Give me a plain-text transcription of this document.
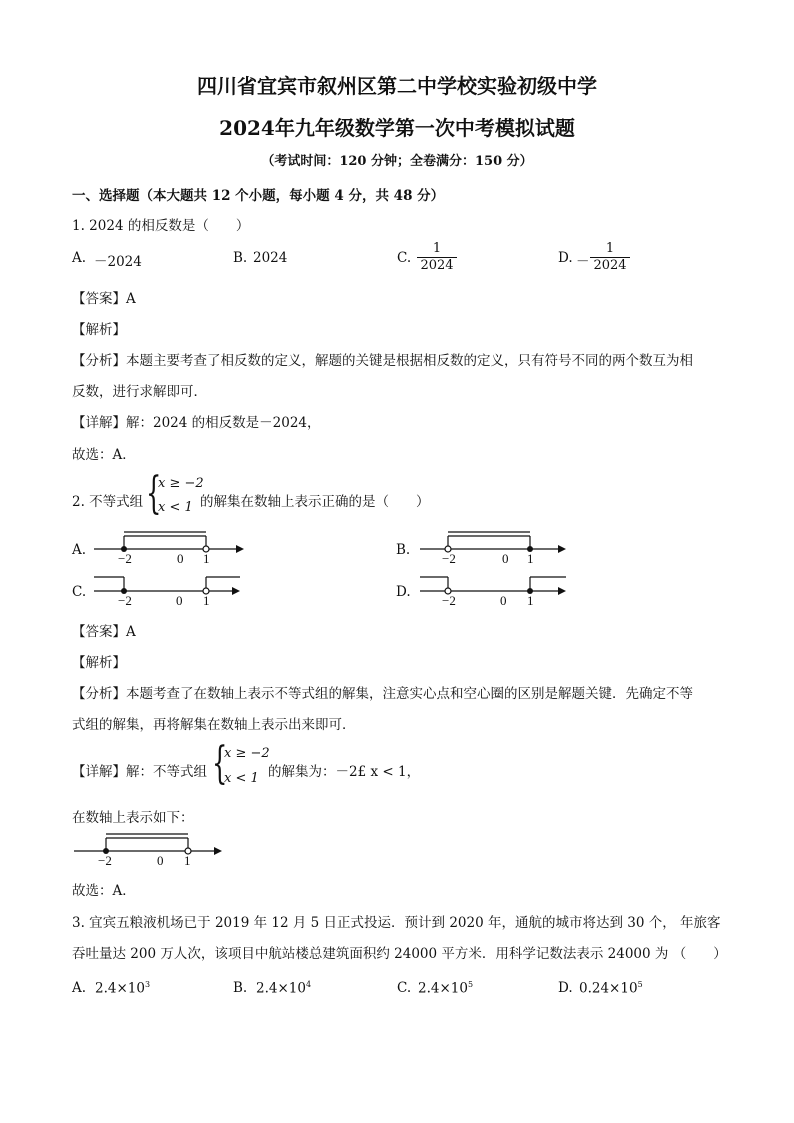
四川省宜宾市叙州区第二中学校实验初级中学
2024年九年级数学第一次中考模拟试题
（考试时间：120 分钟；全卷满分：150 分）
一、选择题（本大题共 12 个小题，每小题 4 分，共 48 分）
1. 2024 的相反数是（　　）
A. －2024	B. 2024	C.
1
2024	D. －
1
2024
【答案】A
【解析】
【分析】本题主要考查了相反数的定义，解题的关键是根据相反数的定义，只有符号不同的两个数互为相
反数，进行求解即可．
【详解】解：2024 的相反数是－2024，
故选：A．
2. 不等式组 {
x ≥ −2
x < 1 的解集在数轴上表示正确的是（　　）
A.
−2	0 1
B.
−2	0 1
C.
−2	0 1
D.
−2	0 1
【答案】A
【解析】
【分析】本题考查了在数轴上表示不等式组的解集，注意实心点和空心圈的区别是解题关键．先确定不等
式组的解集，再将解集在数轴上表示出来即可．
【详解】解：不等式组 {
x ≥ −2
x < 1 的解集为：－2£ x < 1，
在数轴上表示如下：
−2	0 1
故选：A．
3. 宜宾五粮液机场已于 2019 年 12 月 5 日正式投运．预计到 2020 年，通航的城市将达到 30 个， 年旅客
吞吐量达 200 万人次，该项目中航站楼总建筑面积约 24000 平方米．用科学记数法表示 24000 为 （　　）
A. $2.4\times 10^3$	B. $2.4\times 10^4$	C. $2.4\times 10^5$	D. $0.24\times 10^5$
